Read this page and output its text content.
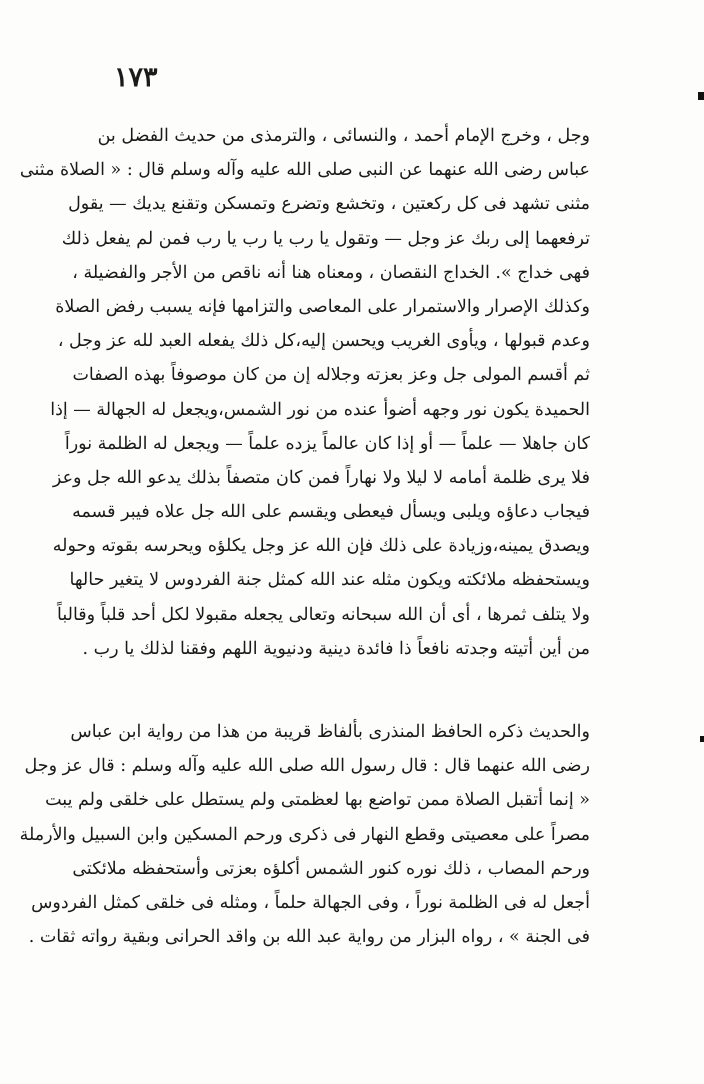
١٧٣
وجل ، وخرج الإمام أحمد ، والنسائى ، والترمذى من حديث الفضل بن
عباس رضى الله عنهما عن النبى صلى الله عليه وآله وسلم قال : « الصلاة مثنى
مثنى تشهد فى كل ركعتين ، وتخشع وتضرع وتمسكن وتقنع يديك — يقول
ترفعهما إلى ربك عز وجل — وتقول يا رب يا رب يا رب فمن لم يفعل ذلك
فهى خداج ». الخداج النقصان ، ومعناه هنا أنه ناقص من الأجر والفضيلة ،
وكذلك الإصرار والاستمرار على المعاصى والتزامها فإنه يسبب رفض الصلاة
وعدم قبولها ، ويأوى الغريب ويحسن إليه،كل ذلك يفعله العبد لله عز وجل ،
ثم أقسم المولى جل وعز بعزته وجلاله إن من كان موصوفاً بهذه الصفات
الحميدة يكون نور وجهه أضوأ عنده من نور الشمس،ويجعل له الجهالة — إذا
كان جاهلا — علماً — أو إذا كان عالماً يزده علماً — ويجعل له الظلمة نوراً
فلا يرى ظلمة أمامه لا ليلا ولا نهاراً فمن كان متصفاً بذلك يدعو الله جل وعز
فيجاب دعاؤه ويلبى ويسأل فيعطى ويقسم على الله جل علاه فيبر قسمه
ويصدق يمينه،وزيادة على ذلك فإن الله عز وجل يكلؤه ويحرسه بقوته وحوله
ويستحفظه ملائكته ويكون مثله عند الله كمثل جنة الفردوس لا يتغير حالها
ولا يتلف ثمرها ، أى أن الله سبحانه وتعالى يجعله مقبولا لكل أحد قلباً وقالباً
من أين أتيته وجدته نافعاً ذا فائدة دينية ودنيوية اللهم وفقنا لذلك يا رب .
والحديث ذكره الحافظ المنذرى بألفاظ قريبة من هذا من رواية ابن عباس
رضى الله عنهما قال : قال رسول الله صلى الله عليه وآله وسلم : قال عز وجل
« إنما أتقبل الصلاة ممن تواضع بها لعظمتى ولم يستطل على خلقى ولم يبت
مصراً على معصيتى وقطع النهار فى ذكرى ورحم المسكين وابن السبيل والأرملة
ورحم المصاب ، ذلك نوره كنور الشمس أكلؤه بعزتى وأستحفظه ملائكتى
أجعل له فى الظلمة نوراً ، وفى الجهالة حلماً ، ومثله فى خلقى كمثل الفردوس
فى الجنة » ، رواه البزار من رواية عبد الله بن واقد الحرانى وبقية رواته ثقات .
